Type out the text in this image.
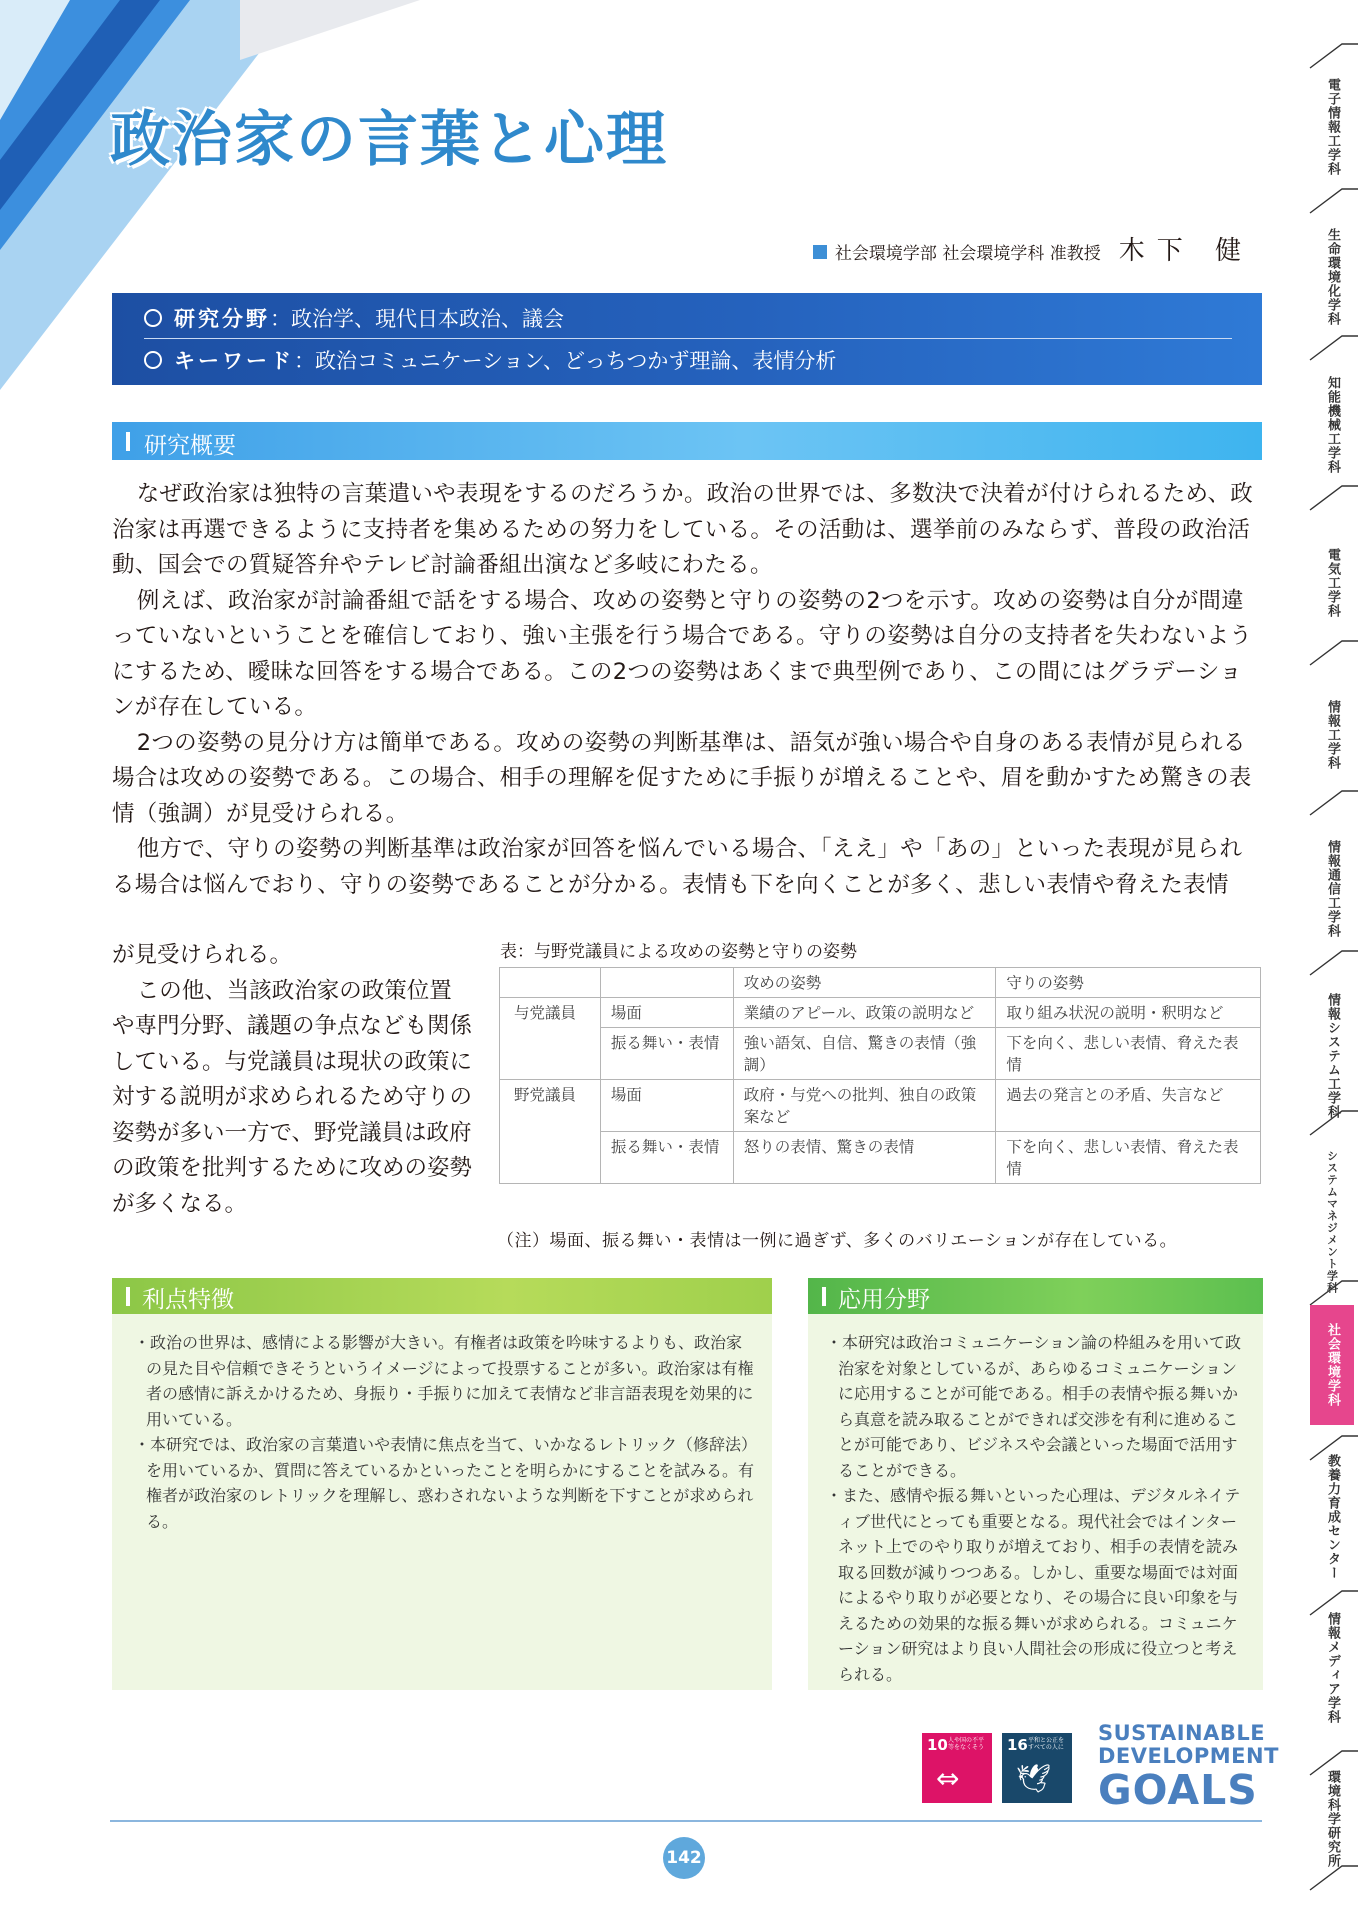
政治家の言葉と心理
社会環境学部 社会環境学科 准教授 木下 健
研究分野 ：政治学、現代日本政治、議会
キーワード ：政治コミュニケーション、どっちつかず理論、表情分析
研究概要

なぜ政治家は独特の言葉遣いや表現をするのだろうか。政治の世界では、多数決で決着が付けられるため、政治家は再選できるように支持者を集めるための努力をしている。その活動は、選挙前のみならず、普段の政治活動、国会での質疑答弁やテレビ討論番組出演など多岐にわたる。

例えば、政治家が討論番組で話をする場合、攻めの姿勢と守りの姿勢の2つを示す。攻めの姿勢は自分が間違っていないということを確信しており、強い主張を行う場合である。守りの姿勢は自分の支持者を失わないようにするため、曖昧な回答をする場合である。この2つの姿勢はあくまで典型例であり、この間にはグラデーションが存在している。

2つの姿勢の見分け方は簡単である。攻めの姿勢の判断基準は、語気が強い場合や自身のある表情が見られる場合は攻めの姿勢である。この場合、相手の理解を促すために手振りが増えることや、眉を動かすため驚きの表情（強調）が見受けられる。

他方で、守りの姿勢の判断基準は政治家が回答を悩んでいる場合、「ええ」や「あの」といった表現が見られる場合は悩んでおり、守りの姿勢であることが分かる。表情も下を向くことが多く、悲しい表情や脅えた表情

が見受けられる。
この他、当該政治家の政策位置や専門分野、議題の争点なども関係している。与党議員は現状の政策に対する説明が求められるため守りの姿勢が多い一方で、野党議員は政府の政策を批判するために攻めの姿勢が多くなる。
表：与野党議員による攻めの姿勢と守りの姿勢
		攻めの姿勢	守りの姿勢
与党議員	場面	業績のアピール、政策の説明など	取り組み状況の説明・釈明など
	振る舞い・表情	強い語気、自信、驚きの表情（強調）	下を向く、悲しい表情、脅えた表情
野党議員	場面	政府・与党への批判、独自の政策案など	過去の発言との矛盾、失言など
	振る舞い・表情	怒りの表情、驚きの表情	下を向く、悲しい表情、脅えた表情
（注）場面、振る舞い・表情は一例に過ぎず、多くのバリエーションが存在している。
利点特徴
・ 政治の世界は、感情による影響が大きい。有権者は政策を吟味するよりも、政治家の見た目や信頼できそうというイメージによって投票することが多い。政治家は有権者の感情に訴えかけるため、身振り・手振りに加えて表情など非言語表現を効果的に用いている。
・ 本研究では、政治家の言葉遣いや表情に焦点を当て、いかなるレトリック（修辞法）を用いているか、質問に答えているかといったことを明らかにすることを試みる。有権者が政治家のレトリックを理解し、惑わされないような判断を下すことが求められる。
応用分野
・ 本研究は政治コミュニケーション論の枠組みを用いて政治家を対象としているが、あらゆるコミュニケーションに応用することが可能である。相手の表情や振る舞いから真意を読み取ることができれば交渉を有利に進めることが可能であり、ビジネスや会議といった場面で活用することができる。
・ また、感情や振る舞いといった心理は、デジタルネイティブ世代にとっても重要となる。現代社会ではインターネット上でのやり取りが増えており、相手の表情を読み取る回数が減りつつある。しかし、重要な場面では対面によるやり取りが必要となり、その場合に良い印象を与えるための効果的な振る舞いが求められる。コミュニケーション研究はより良い人間社会の形成に役立つと考えられる。
10 人や国の不平等をなくそう
⇔
16 平和と公正をすべての人に
🕊
SUSTAINABLE
DEVELOPMENT
GOALS
142
電子情報工学科
生命環境化学科
知能機械工学科
電気工学科
情報工学科
情報通信工学科
情報システム工学科
システムマネジメント学科
社会環境学科
教養力育成センター
情報メディア学科
環境科学研究所
